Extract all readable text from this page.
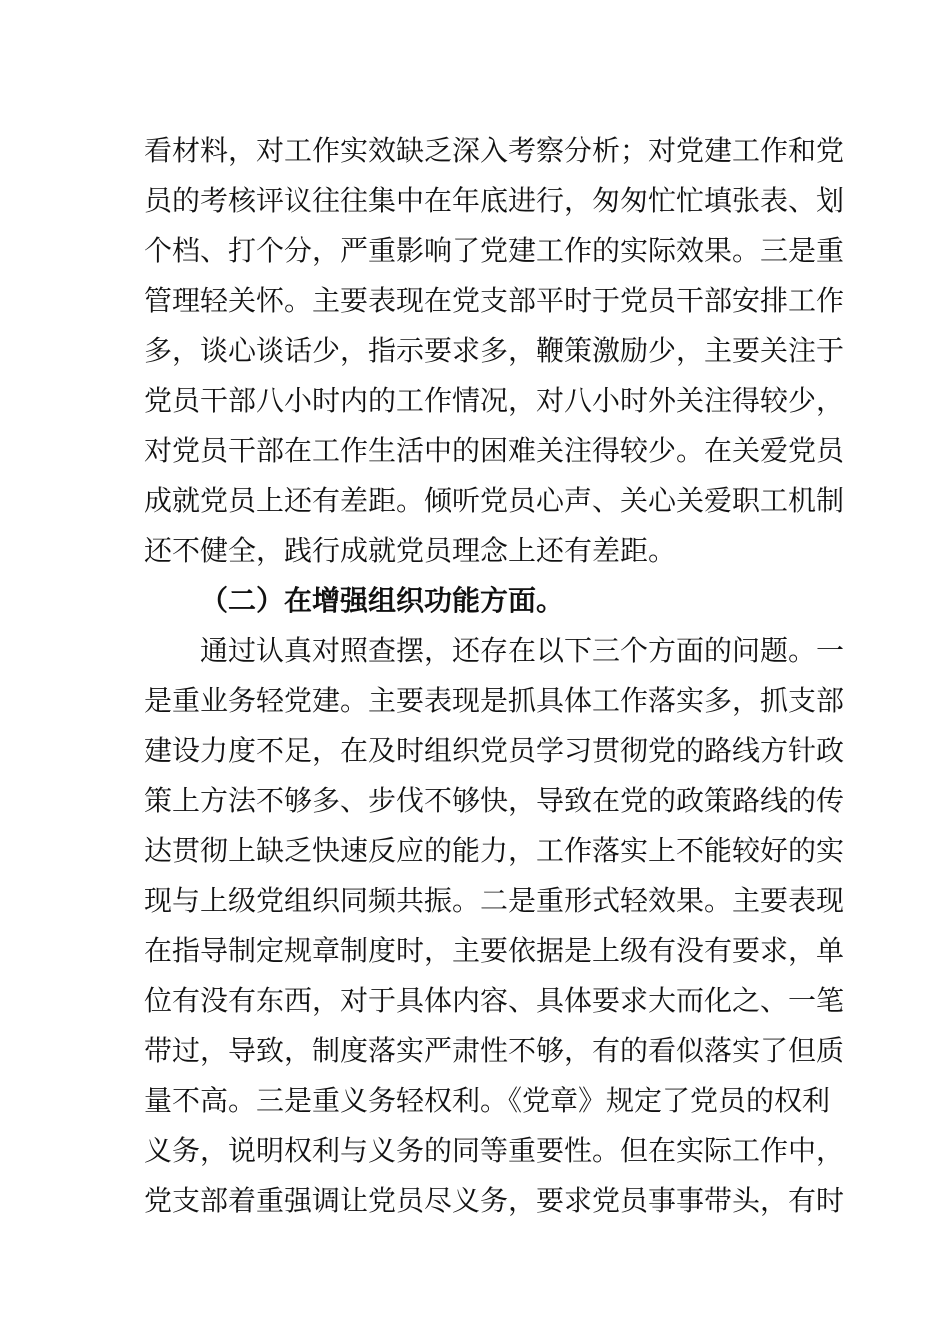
看材料，对工作实效缺乏深入考察分析；对党建工作和党
员的考核评议往往集中在年底进行，匆匆忙忙填张表、划
个档、打个分，严重影响了党建工作的实际效果。三是重
管理轻关怀。主要表现在党支部平时于党员干部安排工作
多，谈心谈话少，指示要求多，鞭策激励少，主要关注于
党员干部八小时内的工作情况，对八小时外关注得较少，
对党员干部在工作生活中的困难关注得较少。在关爱党员
成就党员上还有差距。倾听党员心声、关心关爱职工机制
还不健全，践行成就党员理念上还有差距。
（二）在增强组织功能方面。
通过认真对照查摆，还存在以下三个方面的问题。一
是重业务轻党建。主要表现是抓具体工作落实多，抓支部
建设力度不足，在及时组织党员学习贯彻党的路线方针政
策上方法不够多、步伐不够快，导致在党的政策路线的传
达贯彻上缺乏快速反应的能力，工作落实上不能较好的实
现与上级党组织同频共振。二是重形式轻效果。主要表现
在指导制定规章制度时，主要依据是上级有没有要求，单
位有没有东西，对于具体内容、具体要求大而化之、一笔
带过，导致，制度落实严肃性不够，有的看似落实了但质
量不高。三是重义务轻权利。《党章》规定了党员的权利
义务，说明权利与义务的同等重要性。但在实际工作中，
党支部着重强调让党员尽义务，要求党员事事带头，有时
